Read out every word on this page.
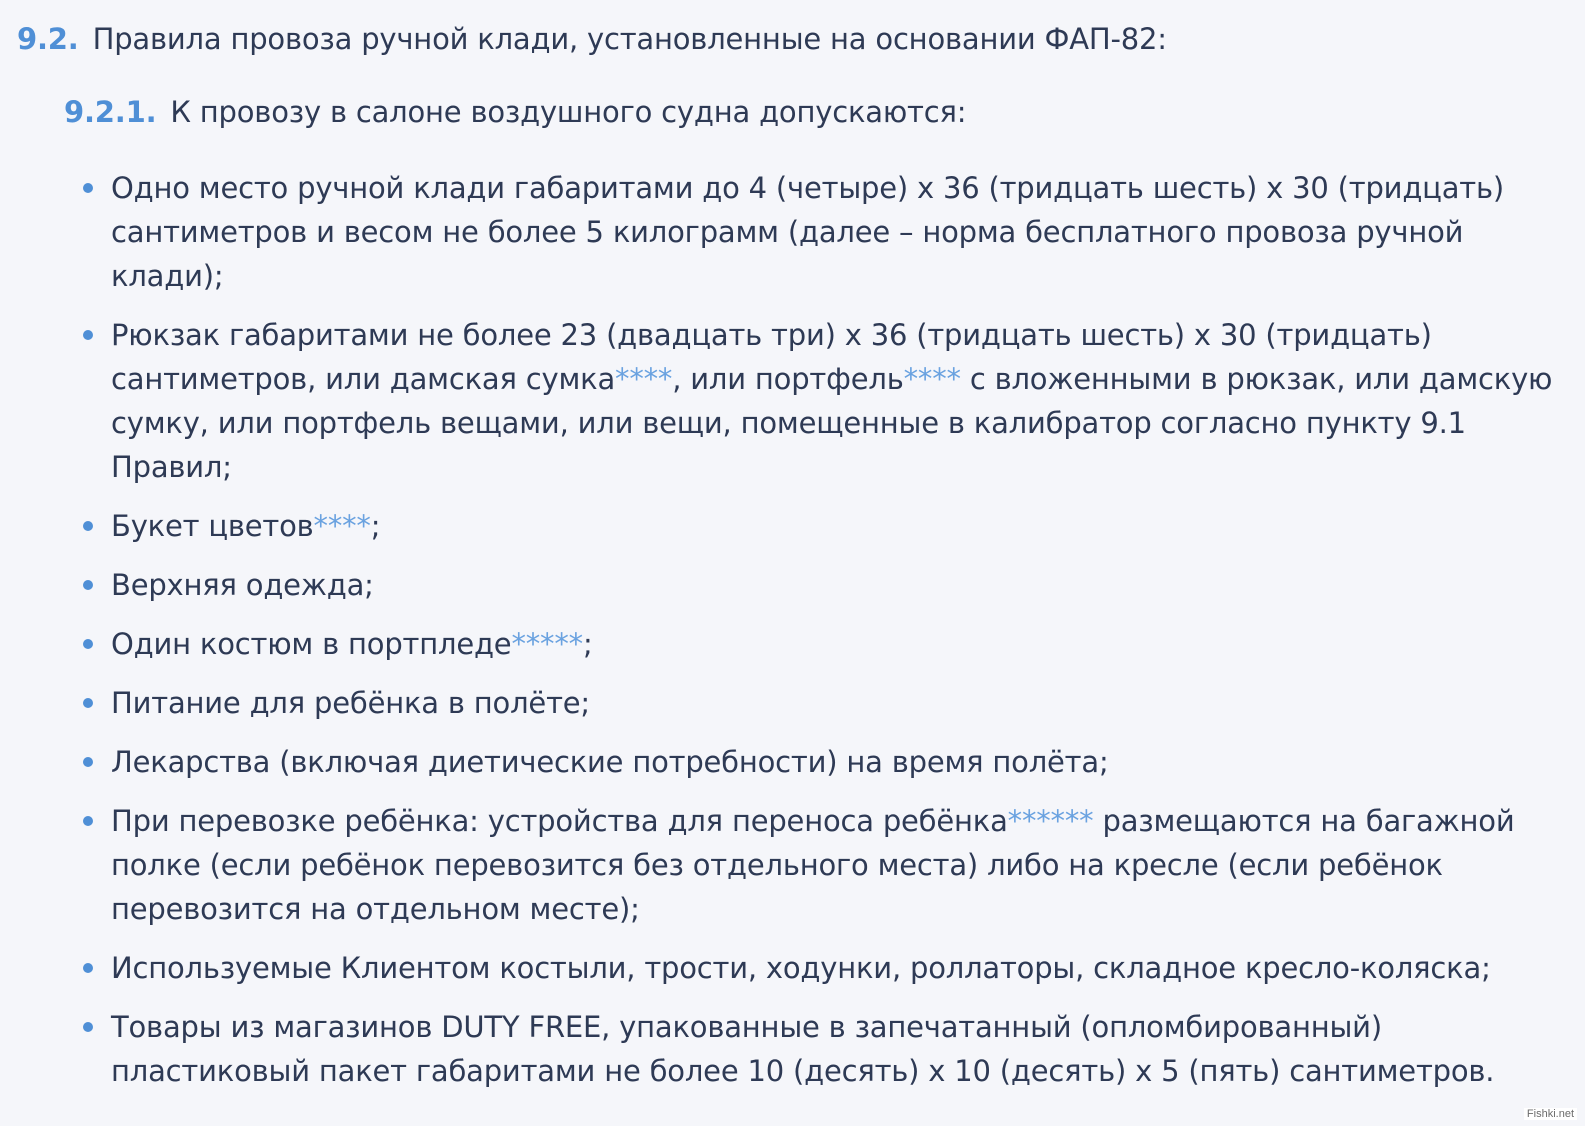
9.2. Правила провоза ручной клади, установленные на основании ФАП-82:
9.2.1. К провозу в салоне воздушного судна допускаются:
Одно место ручной клади габаритами до 4 (четыре) х 36 (тридцать шесть) х 30 (тридцать) сантиметров и весом не более 5 килограмм (далее – норма бесплатного провоза ручной клади);
Рюкзак габаритами не более 23 (двадцать три) х 36 (тридцать шесть) х 30 (тридцать) сантиметров, или дамская сумка****, или портфель**** с вложенными в рюкзак, или дамскую сумку, или портфель вещами, или вещи, помещенные в калибратор согласно пункту 9.1 Правил;
Букет цветов****;
Верхняя одежда;
Один костюм в портпледе*****;
Питание для ребёнка в полёте;
Лекарства (включая диетические потребности) на время полёта;
При перевозке ребёнка: устройства для переноса ребёнка****** размещаются на багажной полке (если ребёнок перевозится без отдельного места) либо на кресле (если ребёнок перевозится на отдельном месте);
Используемые Клиентом костыли, трости, ходунки, роллаторы, складное кресло-коляска;
Товары из магазинов DUTY FREE, упакованные в запечатанный (опломбированный) пластиковый пакет габаритами не более 10 (десять) х 10 (десять) х 5 (пять) сантиметров.
Fishki.net
